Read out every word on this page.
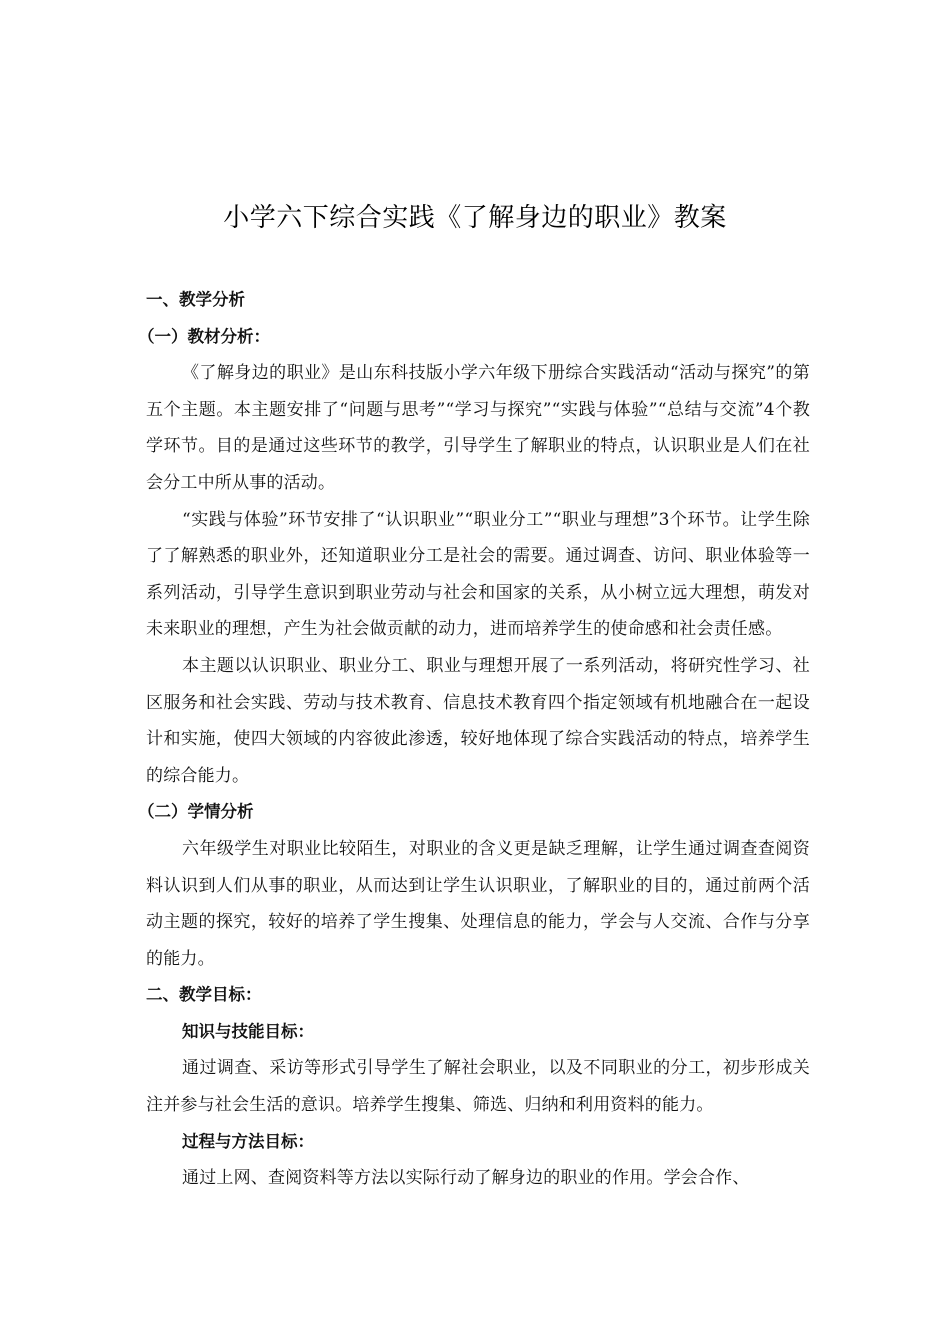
小学六下综合实践《了解身边的职业》教案

一、教学分析

（一）教材分析：

《了解身边的职业》是山东科技版小学六年级下册综合实践活动“活动与探究”的第五个主题。本主题安排了“问题与思考”“学习与探究”“实践与体验”“总结与交流”4个教学环节。目的是通过这些环节的教学，引导学生了解职业的特点，认识职业是人们在社会分工中所从事的活动。

“实践与体验”环节安排了“认识职业”“职业分工”“职业与理想”3个环节。让学生除了了解熟悉的职业外，还知道职业分工是社会的需要。通过调查、访问、职业体验等一系列活动，引导学生意识到职业劳动与社会和国家的关系，从小树立远大理想，萌发对未来职业的理想，产生为社会做贡献的动力，进而培养学生的使命感和社会责任感。

本主题以认识职业、职业分工、职业与理想开展了一系列活动，将研究性学习、社区服务和社会实践、劳动与技术教育、信息技术教育四个指定领域有机地融合在一起设计和实施，使四大领域的内容彼此渗透，较好地体现了综合实践活动的特点，培养学生的综合能力。

（二）学情分析

六年级学生对职业比较陌生，对职业的含义更是缺乏理解，让学生通过调查查阅资料认识到人们从事的职业，从而达到让学生认识职业，了解职业的目的，通过前两个活动主题的探究，较好的培养了学生搜集、处理信息的能力，学会与人交流、合作与分享的能力。

二、教学目标：

知识与技能目标：

通过调查、采访等形式引导学生了解社会职业，以及不同职业的分工，初步形成关注并参与社会生活的意识。培养学生搜集、筛选、归纳和利用资料的能力。

过程与方法目标：

通过上网、查阅资料等方法以实际行动了解身边的职业的作用。学会合作、
